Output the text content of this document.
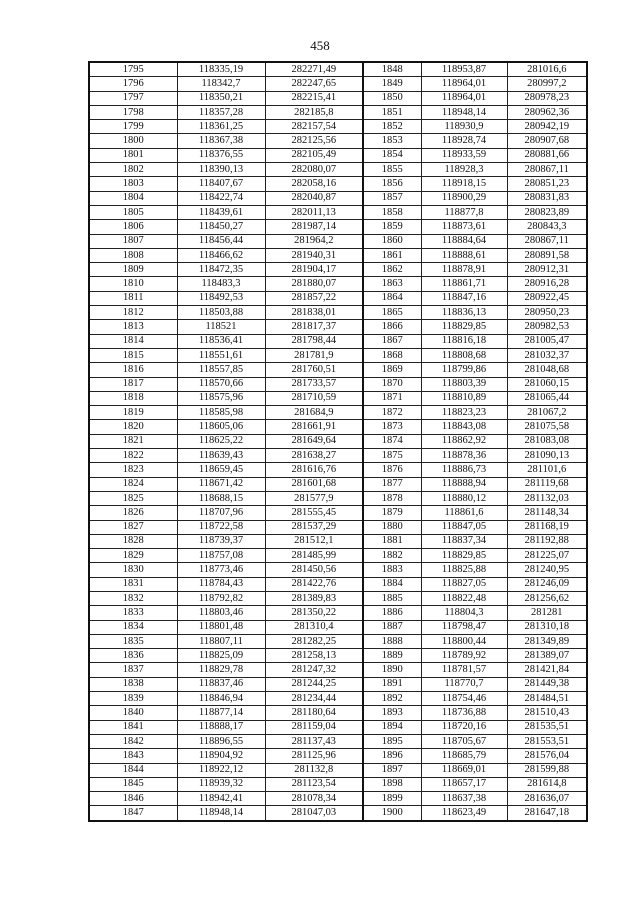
458
1795	118335,19	282271,49	1848	118953,87	281016,6
1796	118342,7	282247,65	1849	118964,01	280997,2
1797	118350,21	282215,41	1850	118964,01	280978,23
1798	118357,28	282185,8	1851	118948,14	280962,36
1799	118361,25	282157,54	1852	118930,9	280942,19
1800	118367,38	282125,56	1853	118928,74	280907,68
1801	118376,55	282105,49	1854	118933,59	280881,66
1802	118390,13	282080,07	1855	118928,3	280867,11
1803	118407,67	282058,16	1856	118918,15	280851,23
1804	118422,74	282040,87	1857	118900,29	280831,83
1805	118439,61	282011,13	1858	118877,8	280823,89
1806	118450,27	281987,14	1859	118873,61	280843,3
1807	118456,44	281964,2	1860	118884,64	280867,11
1808	118466,62	281940,31	1861	118888,61	280891,58
1809	118472,35	281904,17	1862	118878,91	280912,31
1810	118483,3	281880,07	1863	118861,71	280916,28
1811	118492,53	281857,22	1864	118847,16	280922,45
1812	118503,88	281838,01	1865	118836,13	280950,23
1813	118521	281817,37	1866	118829,85	280982,53
1814	118536,41	281798,44	1867	118816,18	281005,47
1815	118551,61	281781,9	1868	118808,68	281032,37
1816	118557,85	281760,51	1869	118799,86	281048,68
1817	118570,66	281733,57	1870	118803,39	281060,15
1818	118575,96	281710,59	1871	118810,89	281065,44
1819	118585,98	281684,9	1872	118823,23	281067,2
1820	118605,06	281661,91	1873	118843,08	281075,58
1821	118625,22	281649,64	1874	118862,92	281083,08
1822	118639,43	281638,27	1875	118878,36	281090,13
1823	118659,45	281616,76	1876	118886,73	281101,6
1824	118671,42	281601,68	1877	118888,94	281119,68
1825	118688,15	281577,9	1878	118880,12	281132,03
1826	118707,96	281555,45	1879	118861,6	281148,34
1827	118722,58	281537,29	1880	118847,05	281168,19
1828	118739,37	281512,1	1881	118837,34	281192,88
1829	118757,08	281485,99	1882	118829,85	281225,07
1830	118773,46	281450,56	1883	118825,88	281240,95
1831	118784,43	281422,76	1884	118827,05	281246,09
1832	118792,82	281389,83	1885	118822,48	281256,62
1833	118803,46	281350,22	1886	118804,3	281281
1834	118801,48	281310,4	1887	118798,47	281310,18
1835	118807,11	281282,25	1888	118800,44	281349,89
1836	118825,09	281258,13	1889	118789,92	281389,07
1837	118829,78	281247,32	1890	118781,57	281421,84
1838	118837,46	281244,25	1891	118770,7	281449,38
1839	118846,94	281234,44	1892	118754,46	281484,51
1840	118877,14	281180,64	1893	118736,88	281510,43
1841	118888,17	281159,04	1894	118720,16	281535,51
1842	118896,55	281137,43	1895	118705,67	281553,51
1843	118904,92	281125,96	1896	118685,79	281576,04
1844	118922,12	281132,8	1897	118669,01	281599,88
1845	118939,32	281123,54	1898	118657,17	281614,8
1846	118942,41	281078,34	1899	118637,38	281636,07
1847	118948,14	281047,03	1900	118623,49	281647,18
